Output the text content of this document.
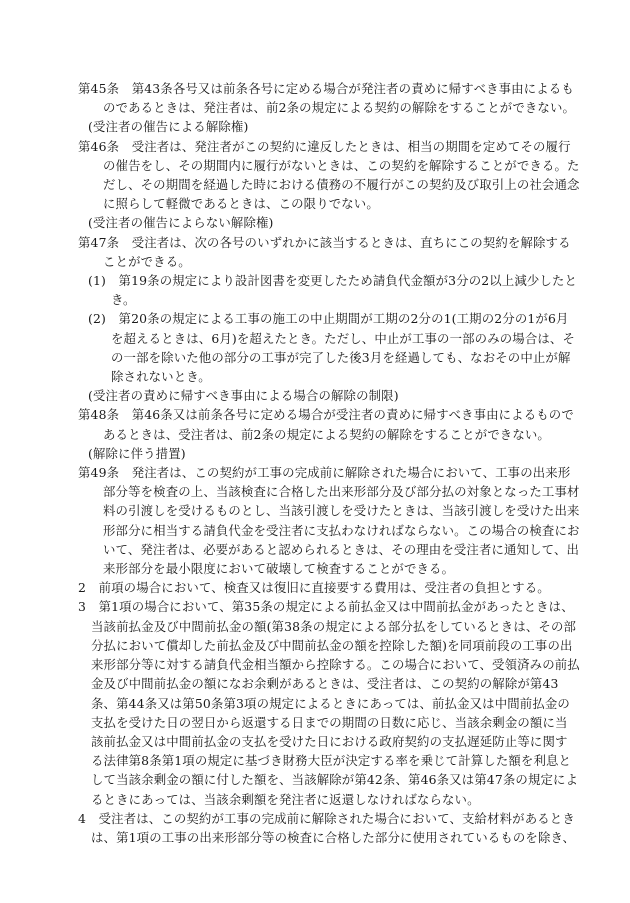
第45条　第43条各号又は前条各号に定める場合が発注者の責めに帰すべき事由によるものであるときは、発注者は、前2条の規定による契約の解除をすることができない。

(受注者の催告による解除権)

第46条　受注者は、発注者がこの契約に違反したときは、相当の期間を定めてその履行の催告をし、その期間内に履行がないときは、この契約を解除することができる。ただし、その期間を経過した時における債務の不履行がこの契約及び取引上の社会通念に照らして軽微であるときは、この限りでない。

(受注者の催告によらない解除権)

第47条　受注者は、次の各号のいずれかに該当するときは、直ちにこの契約を解除することができる。

(1)　第19条の規定により設計図書を変更したため請負代金額が3分の2以上減少したとき。

(2)　第20条の規定による工事の施工の中止期間が工期の2分の1(工期の2分の1が6月を超えるときは、6月)を超えたとき。ただし、中止が工事の一部のみの場合は、その一部を除いた他の部分の工事が完了した後3月を経過しても、なおその中止が解除されないとき。

(受注者の責めに帰すべき事由による場合の解除の制限)

第48条　第46条又は前条各号に定める場合が受注者の責めに帰すべき事由によるものであるときは、受注者は、前2条の規定による契約の解除をすることができない。

(解除に伴う措置)

第49条　発注者は、この契約が工事の完成前に解除された場合において、工事の出来形部分等を検査の上、当該検査に合格した出来形部分及び部分払の対象となった工事材料の引渡しを受けるものとし、当該引渡しを受けたときは、当該引渡しを受けた出来形部分に相当する請負代金を受注者に支払わなければならない。この場合の検査において、発注者は、必要があると認められるときは、その理由を受注者に通知して、出来形部分を最小限度において破壊して検査することができる。

2　前項の場合において、検査又は復旧に直接要する費用は、受注者の負担とする。

3　第1項の場合において、第35条の規定による前払金又は中間前払金があったときは、当該前払金及び中間前払金の額(第38条の規定による部分払をしているときは、その部分払において償却した前払金及び中間前払金の額を控除した額)を同項前段の工事の出来形部分等に対する請負代金相当額から控除する。この場合において、受領済みの前払金及び中間前払金の額になお余剰があるときは、受注者は、この契約の解除が第43条、第44条又は第50条第3項の規定によるときにあっては、前払金又は中間前払金の支払を受けた日の翌日から返還する日までの期間の日数に応じ、当該余剰金の額に当該前払金又は中間前払金の支払を受けた日における政府契約の支払遅延防止等に関する法律第8条第1項の規定に基づき財務大臣が決定する率を乗じて計算した額を利息として当該余剰金の額に付した額を、当該解除が第42条、第46条又は第47条の規定によるときにあっては、当該余剰額を発注者に返還しなければならない。

4　受注者は、この契約が工事の完成前に解除された場合において、支給材料があるときは、第1項の工事の出来形部分等の検査に合格した部分に使用されているものを除き、
